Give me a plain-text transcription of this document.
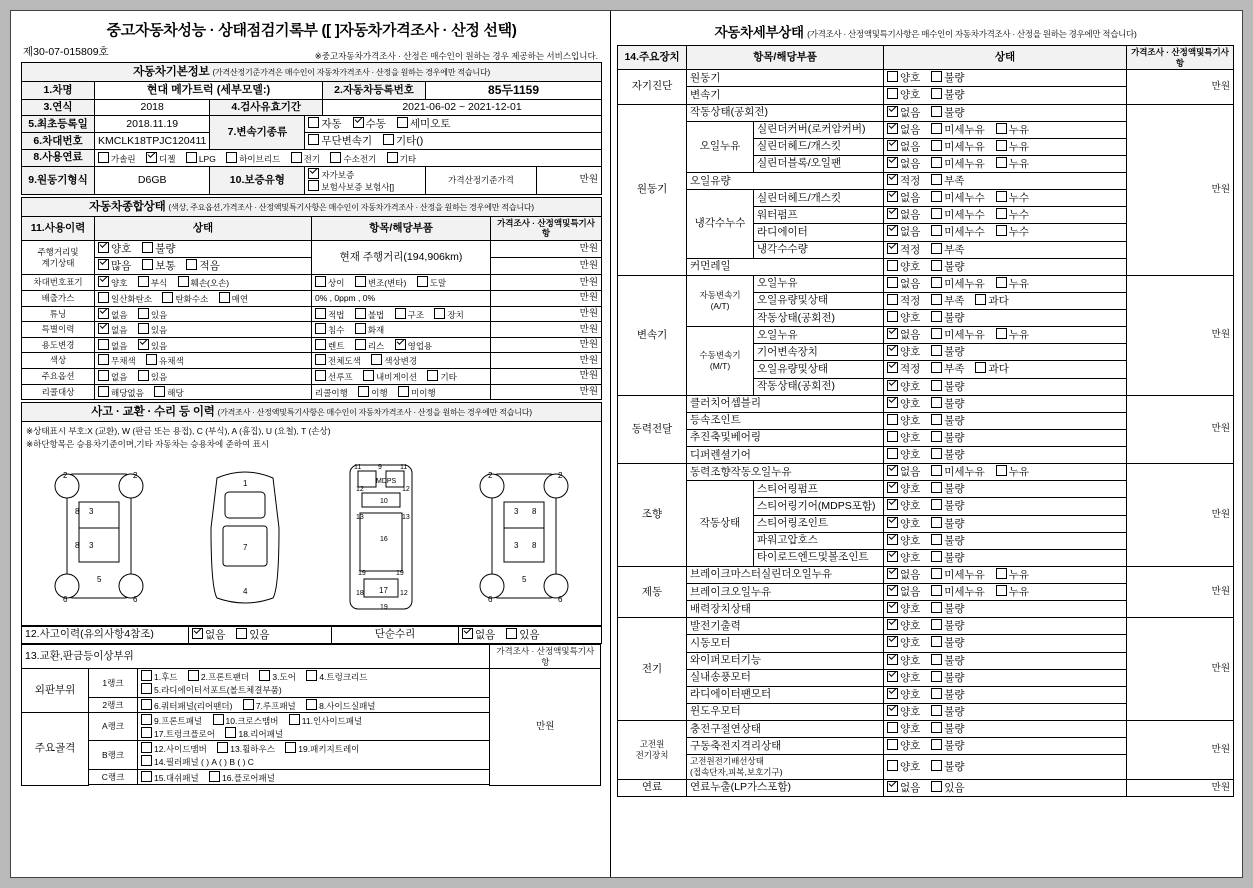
중고자동차성능 · 상태점검기록부 ([ ]자동차가격조사 · 산정 선택)
제30-07-015809호	※중고자동차가격조사 · 산정은 매수인이 원하는 경우 제공하는 서비스입니다.
자동차기본정보 (가격산정기준가격은 매수인이 자동차가격조사 · 산정을 원하는 경우에만 적습니다)						
1.차명	현대 메가트럭 (세부모델:)			2.자동차등록번호	85두1159	
3.연식	2018	4.검사유효기간		2021-06-02 ~ 2021-12-01		
5.최초등록일	2018.11.19	7.변속기종류	자동 수동 세미오토			
6.차대번호	KMCLK18TPJC120411		무단변속기 기타()			
8.사용연료	가솔린 디젤 LPG 하이브리드 전기 수소전기 기타					
9.원동기형식	D6GB	10.보증유형	자가보증 보험사보증 보험사[]		가격산정기준가격	만원
자동차종합상태 (색상, 주요옵션,가격조사 · 산정액및특기사항은 매수인이 자동차가격조사 · 산정을 원하는 경우에만 적습니다)			
11.사용이력	상태	항목/해당부품	가격조사 · 산정액및특기사항
주행거리및
계기상태	양호 불량	현재 주행거리(194,906km)	만원
	많음 보통 적음		만원
차대번호표기	양호 부식 훼손(오손)	상이 변조(변타) 도말	만원
배출가스	일산화탄소 탄화수소 매연	0% , 0ppm , 0%	만원
튜닝	없음 있음	적법 불법 구조 장치	만원
특별이력	없음 있음	침수 화재	만원
용도변경	없음 있음	렌트 리스 영업용	만원
색상	무채색 유채색	전체도색 색상변경	만원
주요옵션	없음 있음	선루프 내비게이션 기타	만원
리콜대상	해당없음 해당	리콜이행 이행 미이행	만원
사고 · 교환 · 수리 등 이력 (가격조사 · 산정액및특기사항은 매수인이 자동차가격조사 · 산정을 원하는 경우에만 적습니다)
※상태표시 부호:X (교환), W (판금 또는 용접), C (부식), A (흠집), U (요철), T (손상)
※하단항목은 승용차기준이며,기타 자동차는 승용차에 준하여 표시
2	2
8 3
8 3
6	6
5
1
7
4
11 9	11
12
MDPS
12
10
13	13
16
19	19
18 17 12
19
2	2
3 8
3 8
6	6
5
12.사고이력(유의사항4참조)	없음 있음	단순수리	없음 있음
13.교환,판금등이상부위			가격조사 · 산정액및특기사항	
외판부위	1랭크	1.후드 2.프론트팬더 3.도어 4.트렁크리드
5.라디에이터서포트(볼트체결부품)	만원	
	2랭크	6.쿼터패널(리어팬더) 7.루프패널 8.사이드실패널		
주요골격	A랭크	9.프론트패널 10.크로스맴버 11.인사이드패널
17.트렁크플로어 18.리어패널		

	B랭크	12.사이드맴버 13.휠하우스 19.패키지트레이
14.필러패널 ( ) A ( ) B ( ) C		

	C랭크	15.대쉬패널 16.플로어패널		

자동차세부상태 (가격조사 · 산정액및특기사항은 매수인이 자동차가격조사 · 산정을 원하는 경우에만 적습니다)
14.주요장치	항목/해당부품		상태	가격조사 · 산정액및특기사항
자기진단	원동기		양호 불량	만원
	변속기		양호 불량	
원동기	작동상태(공회전)		없음 불량	만원
	오일누유	실린더커버(로커암커버)	없음 미세누유 누유	
		실린더헤드/개스킷	없음 미세누유 누유	
		실린더블록/오일팬	없음 미세누유 누유	
	오일유량		적정 부족	
	냉각수누수	실린더헤드/개스킷	없음 미세누수 누수	
		워터펌프	없음 미세누수 누수	
		라디에이터	없음 미세누수 누수	
		냉각수수량	적정 부족	
	커먼레일		양호 불량	
변속기	자동변속기
(A/T)	오일누유	없음 미세누유 누유	만원
		오일유량및상태	적정 부족 과다	
		작동상태(공회전)	양호 불량	
	수동변속기
(M/T)	오일누유	없음 미세누유 누유	
		기어변속장치	양호 불량	
		오일유량및상태	적정 부족 과다	
		작동상태(공회전)	양호 불량	
동력전달	클러치어셈블리		양호 불량	만원
	등속조인트		양호 불량	
	추진축및베어링		양호 불량	
	디퍼렌셜기어		양호 불량	
조향	동력조향작동오일누유		없음 미세누유 누유	만원
	작동상태	스티어링펌프	양호 불량	
		스티어링기어(MDPS포함)	양호 불량	
		스티어링조인트	양호 불량	
		파워고압호스	양호 불량	
		타이로드엔드및볼조인트	양호 불량	
제동	브레이크마스터실린더오일누유		없음 미세누유 누유	만원
	브레이크오일누유		없음 미세누유 누유	
	배력장치상태		양호 불량	
전기	발전기출력		양호 불량	만원
	시동모터		양호 불량	
	와이퍼모터기능		양호 불량	
	실내송풍모터		양호 불량	
	라디에이터팬모터		양호 불량	
	윈도우모터		양호 불량	
고전원
전기장치	충전구절연상태		양호 불량	만원
	구동축전지격리상태		양호 불량	
	고전원전기배선상태
(접속단자,피복,보호기구)		양호 불량	
연료	연료누출(LP가스포함)		없음 있음	만원
